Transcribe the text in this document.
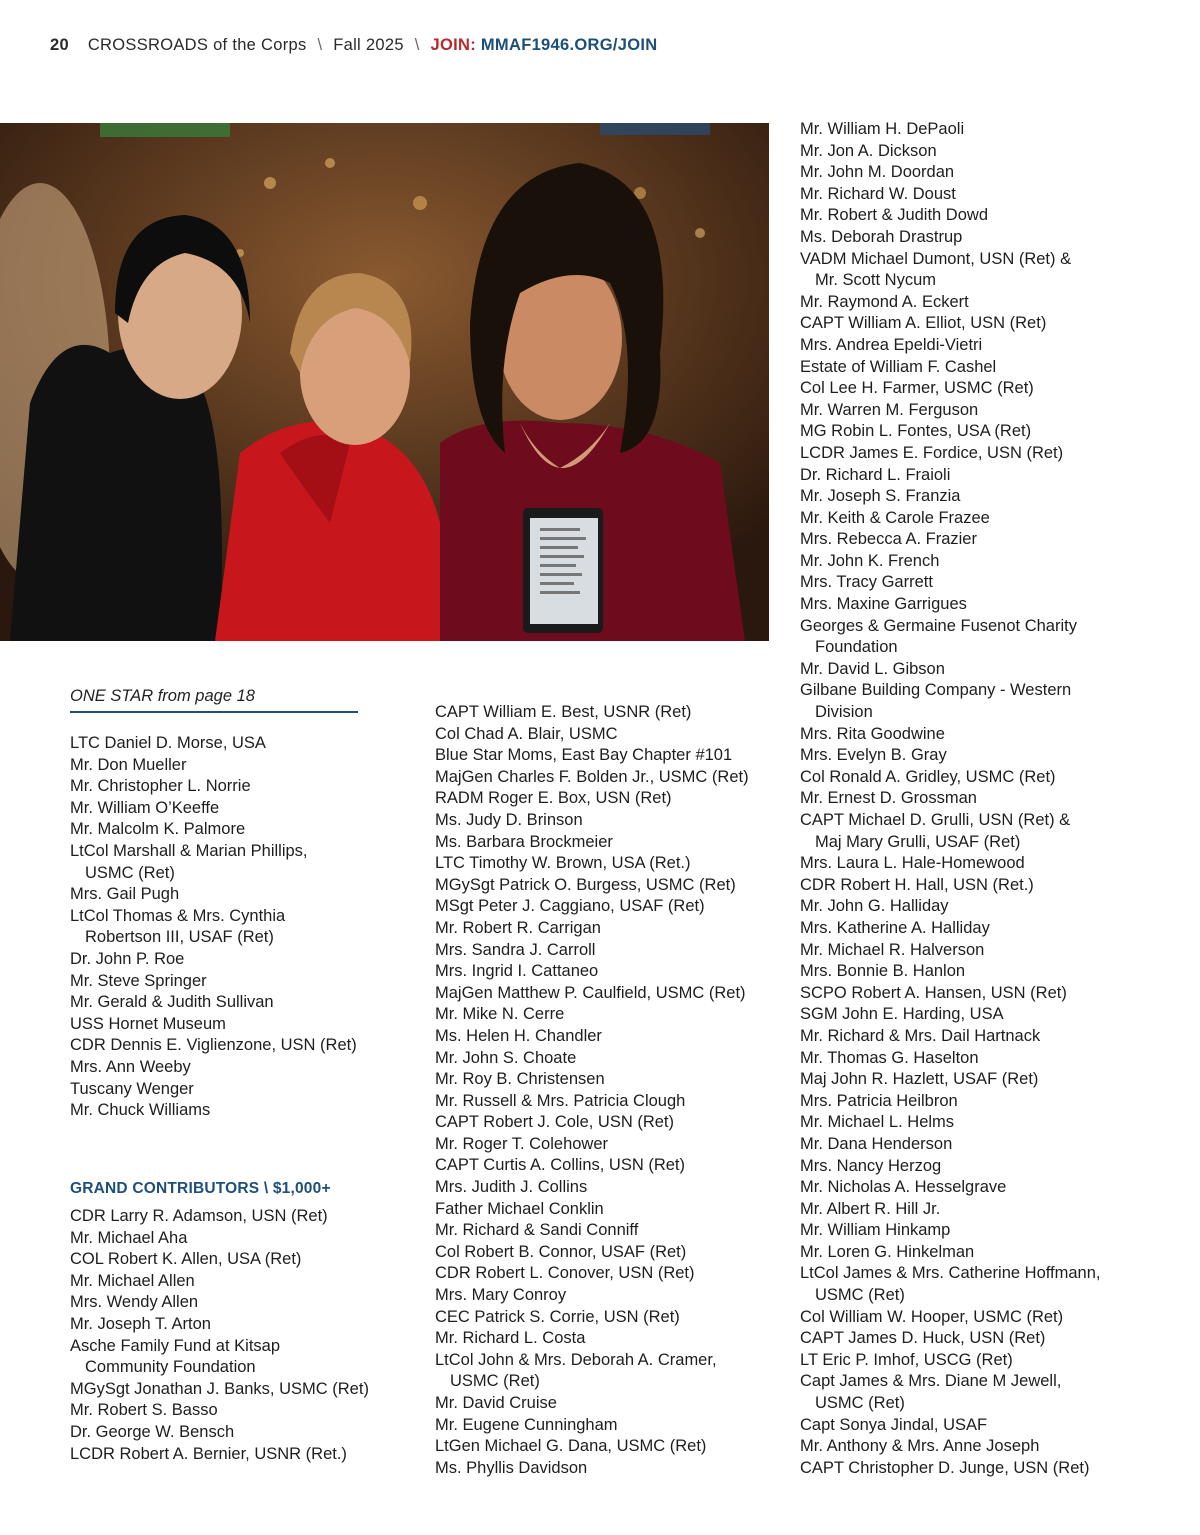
20 CROSSROADS of the Corps \ Fall 2025 \ JOIN: MMAF1946.ORG/JOIN
ONE STAR from page 18
LTC Daniel D. Morse, USA
Mr. Don Mueller
Mr. Christopher L. Norrie
Mr. William O’Keeffe
Mr. Malcolm K. Palmore
LtCol Marshall & Marian Phillips,
USMC (Ret)
Mrs. Gail Pugh
LtCol Thomas & Mrs. Cynthia
Robertson III, USAF (Ret)
Dr. John P. Roe
Mr. Steve Springer
Mr. Gerald & Judith Sullivan
USS Hornet Museum
CDR Dennis E. Viglienzone, USN (Ret)
Mrs. Ann Weeby
Tuscany Wenger
Mr. Chuck Williams
GRAND CONTRIBUTORS \ $1,000+
CDR Larry R. Adamson, USN (Ret)
Mr. Michael Aha
COL Robert K. Allen, USA (Ret)
Mr. Michael Allen
Mrs. Wendy Allen
Mr. Joseph T. Arton
Asche Family Fund at Kitsap
Community Foundation
MGySgt Jonathan J. Banks, USMC (Ret)
Mr. Robert S. Basso
Dr. George W. Bensch
LCDR Robert A. Bernier, USNR (Ret.)
CAPT William E. Best, USNR (Ret)
Col Chad A. Blair, USMC
Blue Star Moms, East Bay Chapter #101
MajGen Charles F. Bolden Jr., USMC (Ret)
RADM Roger E. Box, USN (Ret)
Ms. Judy D. Brinson
Ms. Barbara Brockmeier
LTC Timothy W. Brown, USA (Ret.)
MGySgt Patrick O. Burgess, USMC (Ret)
MSgt Peter J. Caggiano, USAF (Ret)
Mr. Robert R. Carrigan
Mrs. Sandra J. Carroll
Mrs. Ingrid I. Cattaneo
MajGen Matthew P. Caulfield, USMC (Ret)
Mr. Mike N. Cerre
Ms. Helen H. Chandler
Mr. John S. Choate
Mr. Roy B. Christensen
Mr. Russell & Mrs. Patricia Clough
CAPT Robert J. Cole, USN (Ret)
Mr. Roger T. Colehower
CAPT Curtis A. Collins, USN (Ret)
Mrs. Judith J. Collins
Father Michael Conklin
Mr. Richard & Sandi Conniff
Col Robert B. Connor, USAF (Ret)
CDR Robert L. Conover, USN (Ret)
Mrs. Mary Conroy
CEC Patrick S. Corrie, USN (Ret)
Mr. Richard L. Costa
LtCol John & Mrs. Deborah A. Cramer,
USMC (Ret)
Mr. David Cruise
Mr. Eugene Cunningham
LtGen Michael G. Dana, USMC (Ret)
Ms. Phyllis Davidson
Mr. William H. DePaoli
Mr. Jon A. Dickson
Mr. John M. Doordan
Mr. Richard W. Doust
Mr. Robert & Judith Dowd
Ms. Deborah Drastrup
VADM Michael Dumont, USN (Ret) &
Mr. Scott Nycum
Mr. Raymond A. Eckert
CAPT William A. Elliot, USN (Ret)
Mrs. Andrea Epeldi-Vietri
Estate of William F. Cashel
Col Lee H. Farmer, USMC (Ret)
Mr. Warren M. Ferguson
MG Robin L. Fontes, USA (Ret)
LCDR James E. Fordice, USN (Ret)
Dr. Richard L. Fraioli
Mr. Joseph S. Franzia
Mr. Keith & Carole Frazee
Mrs. Rebecca A. Frazier
Mr. John K. French
Mrs. Tracy Garrett
Mrs. Maxine Garrigues
Georges & Germaine Fusenot Charity
Foundation
Mr. David L. Gibson
Gilbane Building Company - Western
Division
Mrs. Rita Goodwine
Mrs. Evelyn B. Gray
Col Ronald A. Gridley, USMC (Ret)
Mr. Ernest D. Grossman
CAPT Michael D. Grulli, USN (Ret) &
Maj Mary Grulli, USAF (Ret)
Mrs. Laura L. Hale-Homewood
CDR Robert H. Hall, USN (Ret.)
Mr. John G. Halliday
Mrs. Katherine A. Halliday
Mr. Michael R. Halverson
Mrs. Bonnie B. Hanlon
SCPO Robert A. Hansen, USN (Ret)
SGM John E. Harding, USA
Mr. Richard & Mrs. Dail Hartnack
Mr. Thomas G. Haselton
Maj John R. Hazlett, USAF (Ret)
Mrs. Patricia Heilbron
Mr. Michael L. Helms
Mr. Dana Henderson
Mrs. Nancy Herzog
Mr. Nicholas A. Hesselgrave
Mr. Albert R. Hill Jr.
Mr. William Hinkamp
Mr. Loren G. Hinkelman
LtCol James & Mrs. Catherine Hoffmann,
USMC (Ret)
Col William W. Hooper, USMC (Ret)
CAPT James D. Huck, USN (Ret)
LT Eric P. Imhof, USCG (Ret)
Capt James & Mrs. Diane M Jewell,
USMC (Ret)
Capt Sonya Jindal, USAF
Mr. Anthony & Mrs. Anne Joseph
CAPT Christopher D. Junge, USN (Ret)
